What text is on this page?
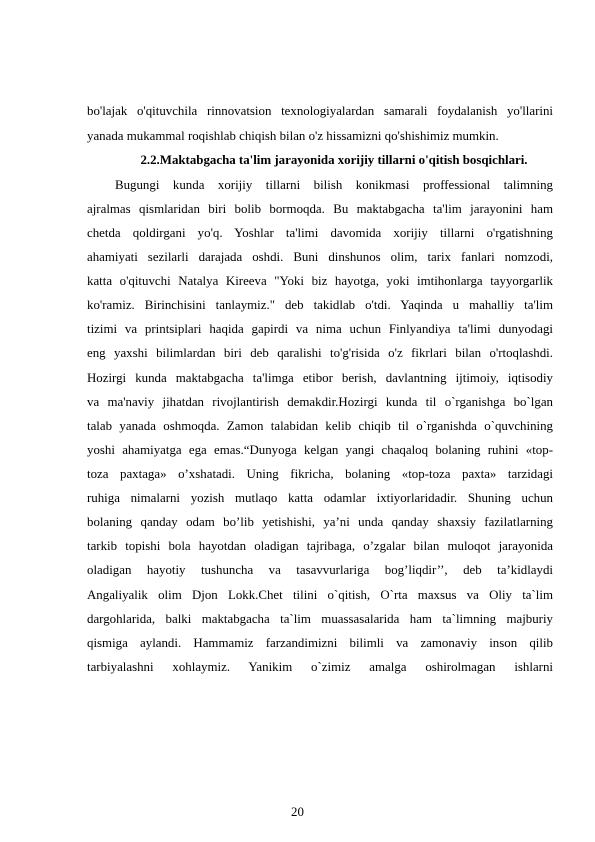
bo'lajak o'qituvchila rinnovatsion texnologiyalardan samarali foydalanish yo'llarini
yanada mukammal roqishlab chiqish bilan o'z hissamizni qo'shishimiz mumkin.
2.2.Maktabgacha ta'lim jarayonida xorijiy tillarni o'qitish bosqichlari.
Bugungi kunda xorijiy tillarni bilish konikmasi proffessional talimning
ajralmas qismlaridan biri bolib bormoqda. Bu maktabgacha ta'lim jarayonini ham
chetda qoldirgani yo'q. Yoshlar ta'limi davomida xorijiy tillarni o'rgatishning
ahamiyati sezilarli darajada oshdi. Buni dinshunos olim, tarix fanlari nomzodi,
katta o'qituvchi Natalya Kireeva "Yoki biz hayotga, yoki imtihonlarga tayyorgarlik
ko'ramiz. Birinchisini tanlaymiz." deb takidlab o'tdi. Yaqinda u mahalliy ta'lim
tizimi va printsiplari haqida gapirdi va nima uchun Finlyandiya ta'limi dunyodagi
eng yaxshi bilimlardan biri deb qaralishi to'g'risida o'z fikrlari bilan o'rtoqlashdi.
Hozirgi kunda maktabgacha ta'limga etibor berish, davlantning ijtimoiy, iqtisodiy
va ma'naviy jihatdan rivojlantirish demakdir.Hozirgi kunda til o`rganishga bo`lgan
talab yanada oshmoqda. Zamon talabidan kelib chiqib til o`rganishda o`quvchining
yoshi ahamiyatga ega emas.“Dunyoga kelgan yangi chaqaloq bolaning ruhini «top-
toza paxtaga» o’xshatadi. Uning fikricha, bolaning «top-toza paxta» tarzidagi
ruhiga nimalarni yozish mutlaqo katta odamlar ixtiyorlaridadir. Shuning uchun
bolaning qanday odam bo’lib yetishishi, ya’ni unda qanday shaxsiy fazilatlarning
tarkib topishi bola hayotdan oladigan tajribaga, o’zgalar bilan muloqot jarayonida
oladigan hayotiy tushuncha va tasavvurlariga bog’liqdir’’, deb ta’kidlaydi
Angaliyalik olim Djon Lokk.Chet tilini o`qitish, O`rta maxsus va Oliy ta`lim
dargohlarida, balki maktabgacha ta`lim muassasalarida ham ta`limning majburiy
qismiga aylandi. Hammamiz farzandimizni bilimli va zamonaviy inson qilib
tarbiyalashni xohlaymiz. Yanikim o`zimiz amalga oshirolmagan ishlarni
20
